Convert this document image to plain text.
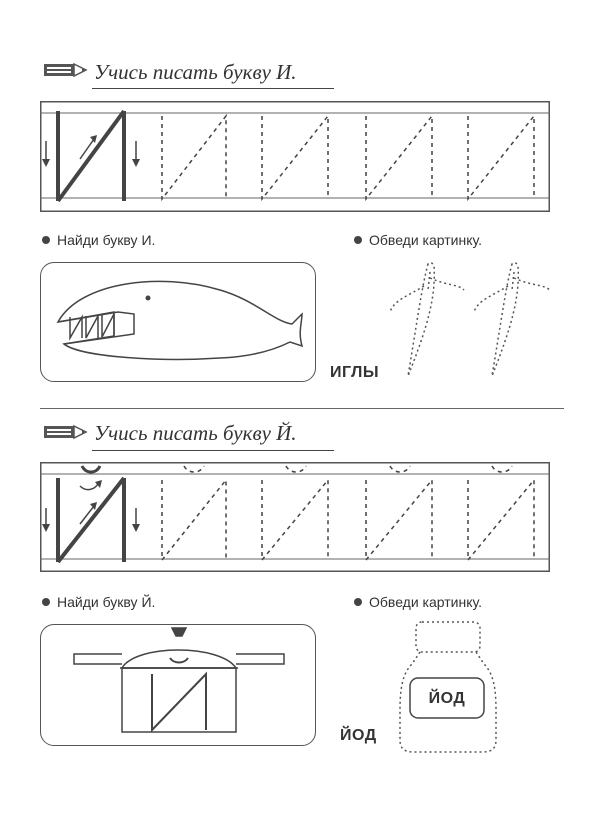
Учись писать букву И.
Найди букву И.	Обведи картинку.
ИГЛЫ
Учись писать букву Й.
Найди букву Й.	Обведи картинку.
ЙОД
ЙОД
